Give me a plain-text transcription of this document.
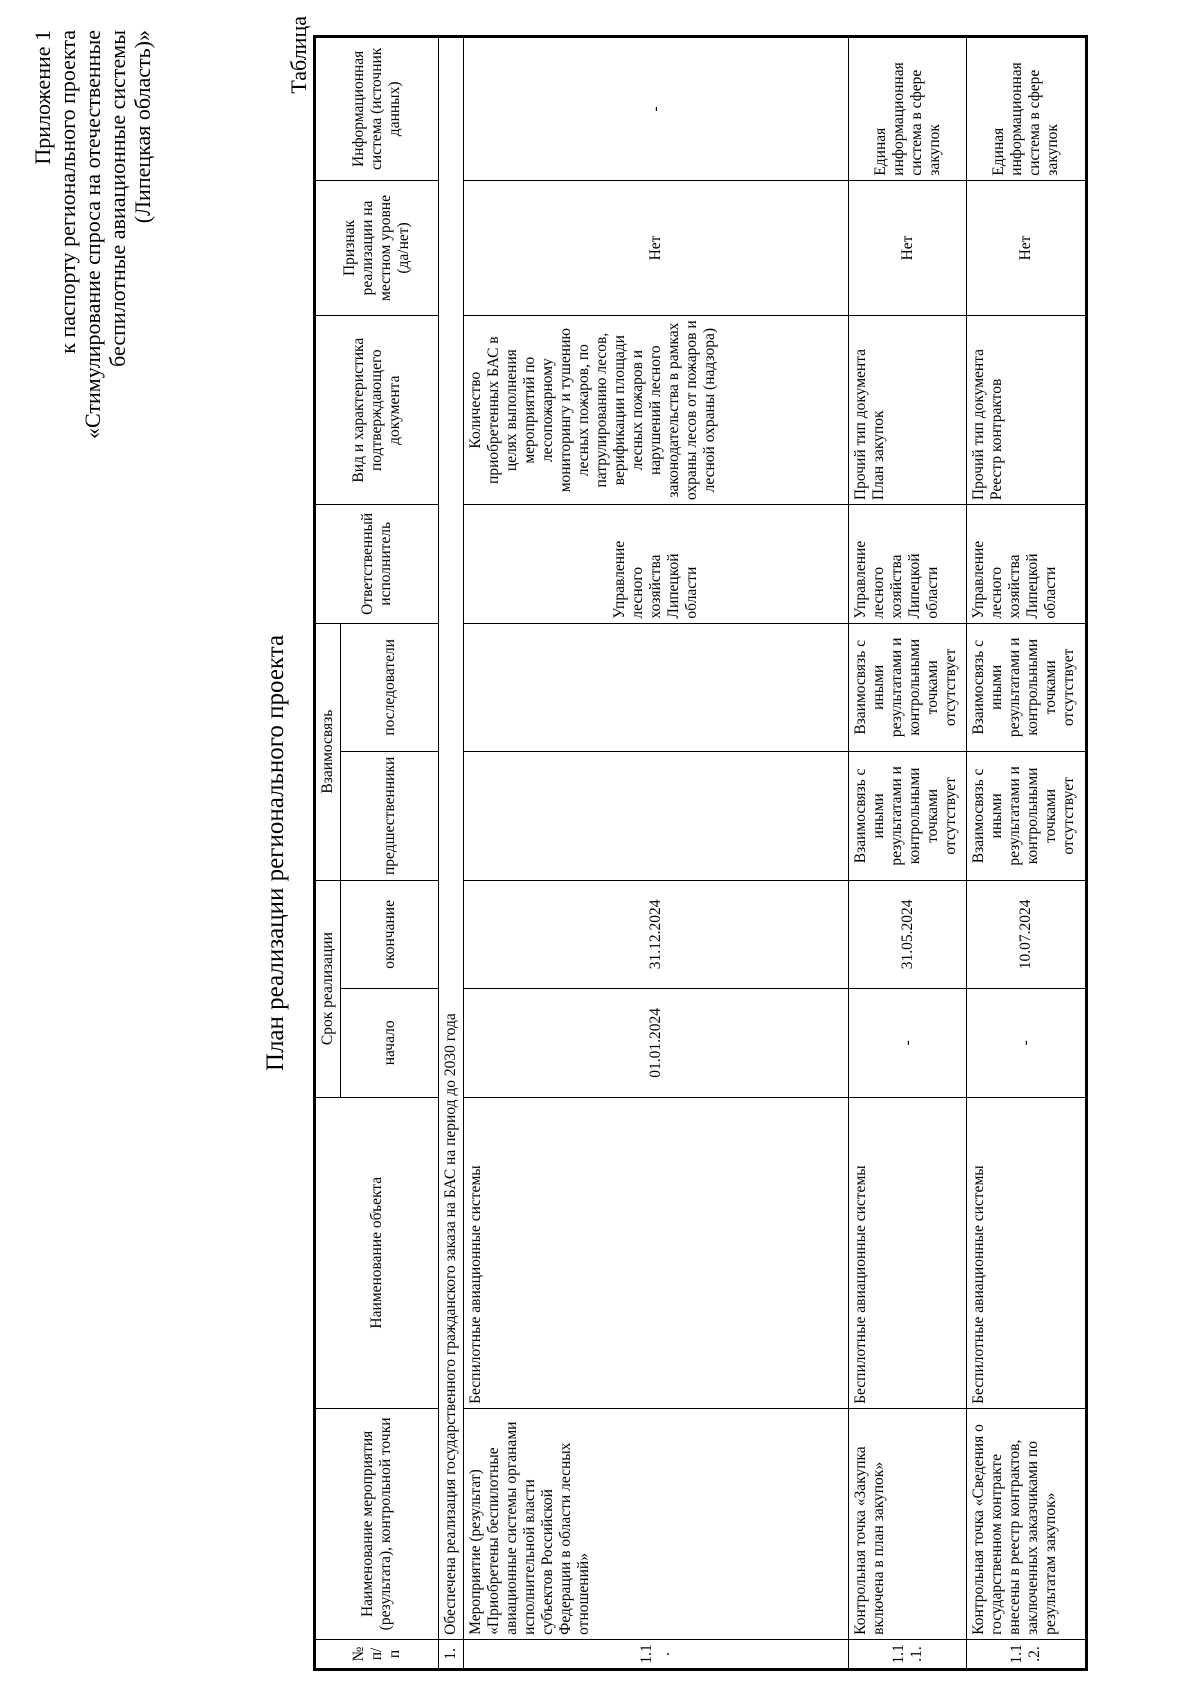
Приложение 1 к паспорту регионального проекта «Стимулирование спроса на отечественные беспилотные авиационные системы (Липецкая область)»
План реализации регионального проекта
Таблица
№ п/п	Наименование мероприятия (результата), контрольной точки	Наименование объекта	Срок реализации		Взаимосвязь		Ответственный исполнитель	Вид и характеристика подтверждающего документа	Признак реализации на местном уровне (да/нет)	Информационная система (источник данных)
			начало	окончание	предшественники	последователи				
1.	Обеспечена реализация государственного гражданского заказа на БАС на период до 2030 года									
1.1.	Мероприятие (результат) «Приобретены беспилотные авиационные системы органами исполнительной власти субъектов Российской Федерации в области лесных отношений»	Беспилотные авиационные системы	01.01.2024	31.12.2024			Управление лесного хозяйства Липецкой области	Количество приобретенных БАС в целях выполнения мероприятий по лесопожарному мониторингу и тушению лесных пожаров, по патрулированию лесов, верификации площади лесных пожаров и нарушений лесного законодательства в рамках охраны лесов от пожаров и лесной охраны (надзора)	Нет	-
1.1.1.	Контрольная точка «Закупка включена в план закупок»	Беспилотные авиационные системы	-	31.05.2024	Взаимосвязь с иными результатами и контрольными точками отсутствует	Взаимосвязь с иными результатами и контрольными точками отсутствует	Управление лесного хозяйства Липецкой области	Прочий тип документа План закупок	Нет	Единая информационная система в сфере закупок
1.1.2.	Контрольная точка «Сведения о государственном контракте внесены в реестр контрактов, заключенных заказчиками по результатам закупок»	Беспилотные авиационные системы	-	10.07.2024	Взаимосвязь с иными результатами и контрольными точками отсутствует	Взаимосвязь с иными результатами и контрольными точками отсутствует	Управление лесного хозяйства Липецкой области	Прочий тип документа Реестр контрактов	Нет	Единая информационная система в сфере закупок
